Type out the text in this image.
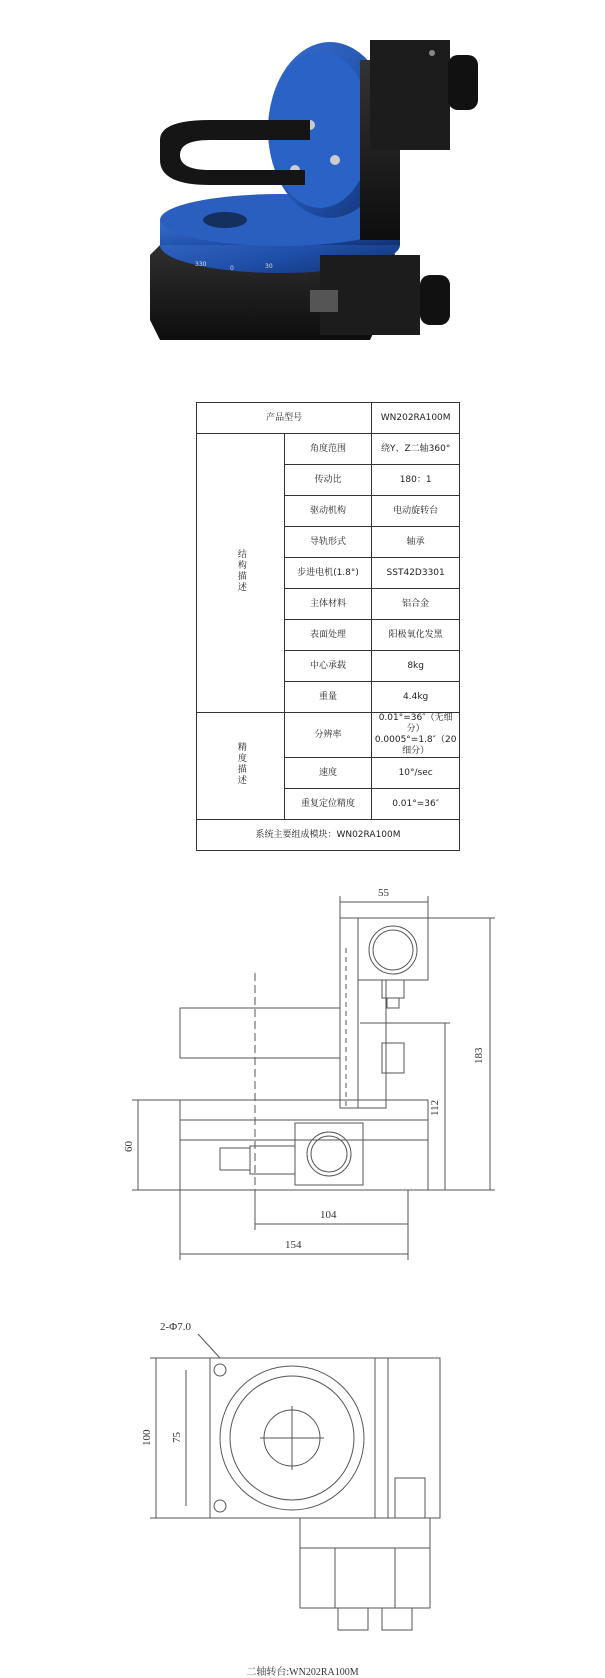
330
0	30
产品型号		WN202RA100M
结构描述	角度范围	绕Y、Z二轴360°
	传动比	180：1
	驱动机构	电动旋转台
	导轨形式	轴承
	步进电机(1.8°)	SST42D3301
	主体材料	铝合金
	表面处理	阳极氧化发黑
	中心承载	8kg
	重量	4.4kg
精度描述	分辨率	0.01°=36″（无细分）
0.0005°=1.8″（20细分）
	速度	10°/sec
	重复定位精度	0.01°=36″
系统主要组成模块：WN02RA100M		
55
183
112
60
104
154
2-Φ7.0
100 75
二轴转台:WN202RA100M
